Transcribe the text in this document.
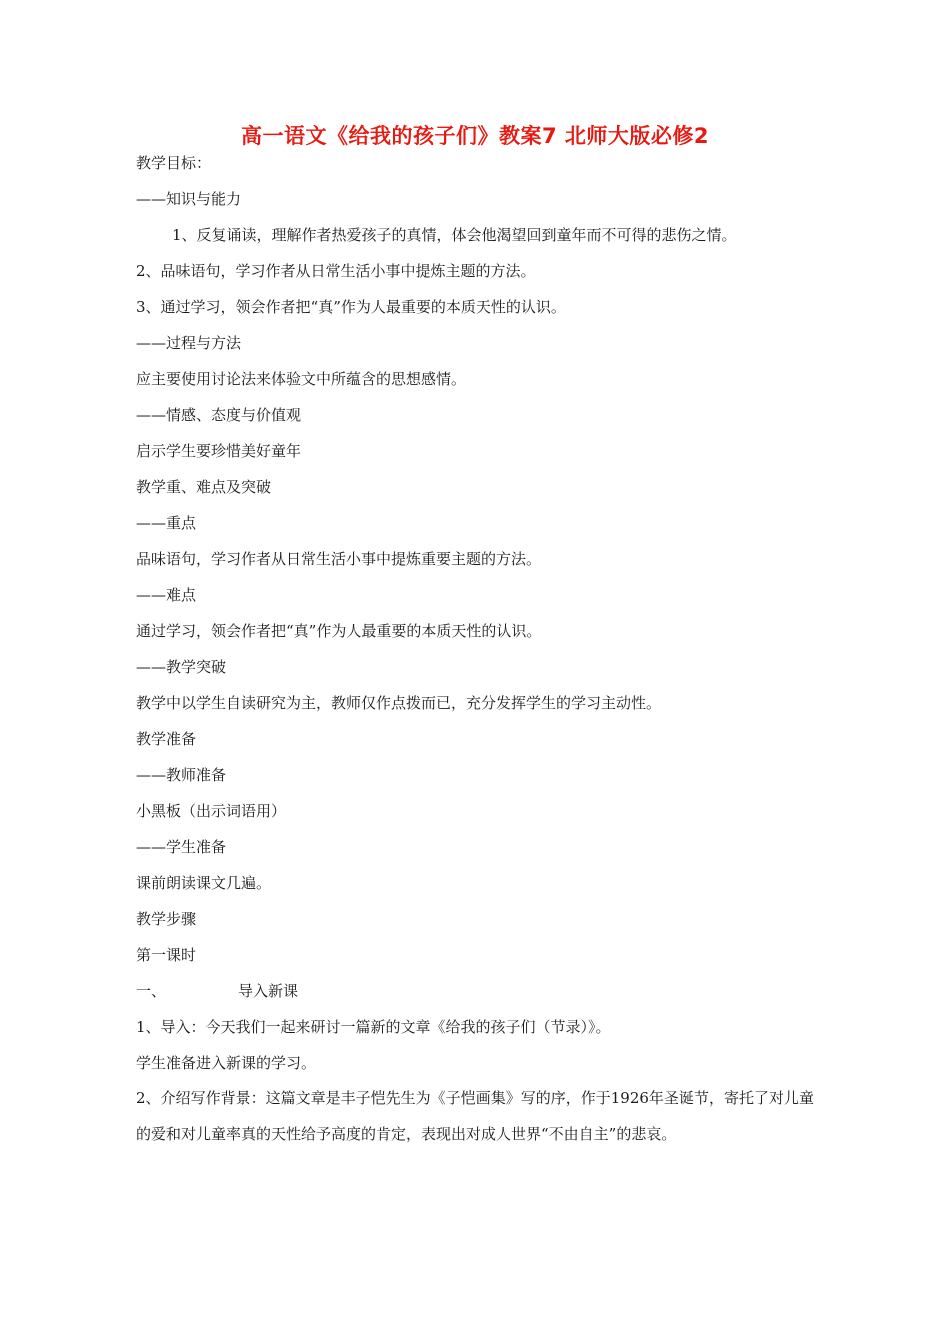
高一语文《给我的孩子们》教案7 北师大版必修2
教学目标：
——知识与能力
1、反复诵读，理解作者热爱孩子的真情，体会他渴望回到童年而不可得的悲伤之情。
2、品味语句，学习作者从日常生活小事中提炼主题的方法。
3、通过学习，领会作者把“真”作为人最重要的本质天性的认识。
——过程与方法
应主要使用讨论法来体验文中所蕴含的思想感情。
——情感、态度与价值观
启示学生要珍惜美好童年
教学重、难点及突破
——重点
品味语句，学习作者从日常生活小事中提炼重要主题的方法。
——难点
通过学习，领会作者把“真”作为人最重要的本质天性的认识。
——教学突破
教学中以学生自读研究为主，教师仅作点拨而已，充分发挥学生的学习主动性。
教学准备
——教师准备
小黑板（出示词语用）
——学生准备
课前朗读课文几遍。
教学步骤
第一课时
一、	导入新课
1、导入：今天我们一起来研讨一篇新的文章《给我的孩子们（节录）》。
学生准备进入新课的学习。
2、介绍写作背景：这篇文章是丰子恺先生为《子恺画集》写的序，作于1926年圣诞节，寄托了对儿童的爱和对儿童率真的天性给予高度的肯定，表现出对成人世界“不由自主”的悲哀。
